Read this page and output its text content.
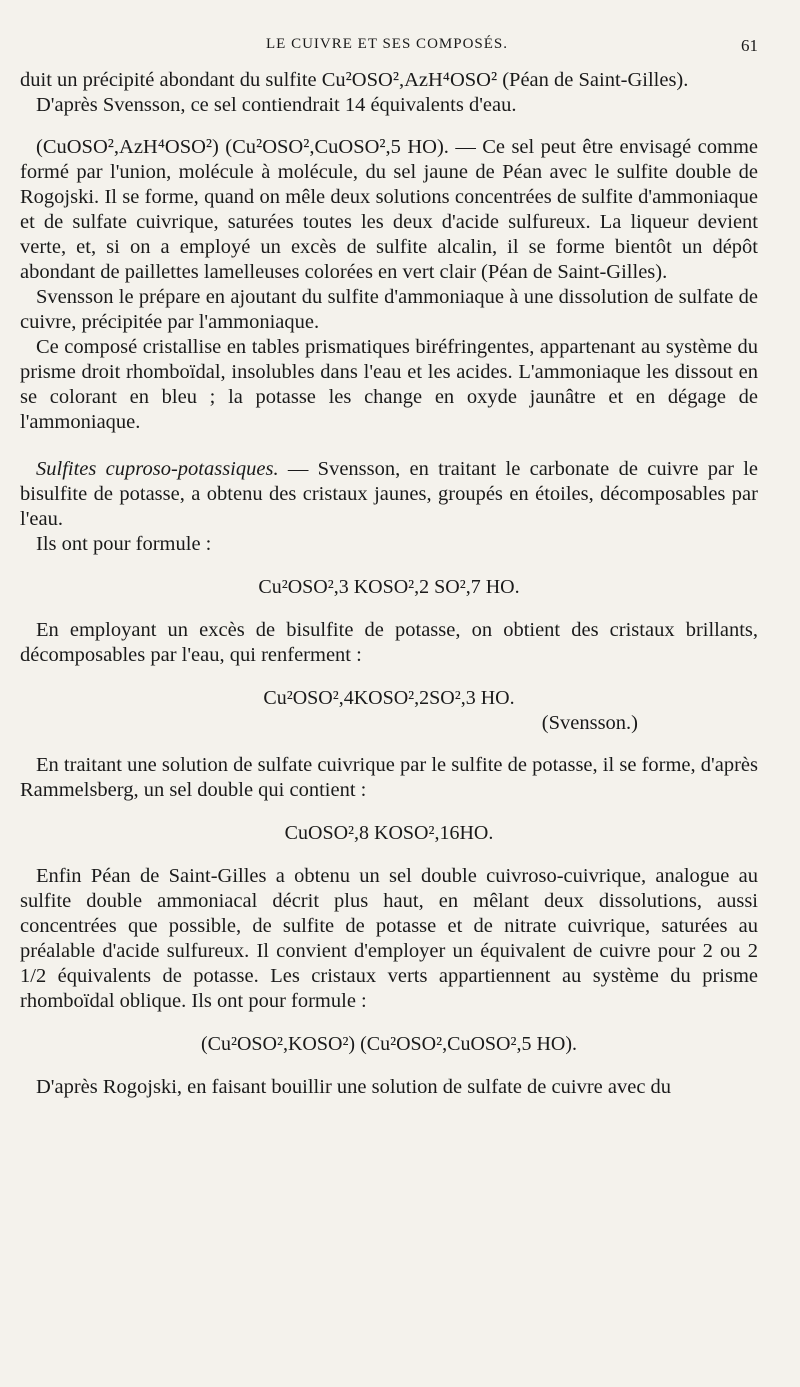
LE CUIVRE ET SES COMPOSÉS.	61

duit un précipité abondant du sulfite Cu²OSO²,AzH⁴OSO² (Péan de Saint-Gilles).

D'après Svensson, ce sel contiendrait 14 équivalents d'eau.

(CuOSO²,AzH⁴OSO²) (Cu²OSO²,CuOSO²,5 HO). — Ce sel peut être envisagé comme formé par l'union, molécule à molécule, du sel jaune de Péan avec le sulfite double de Rogojski. Il se forme, quand on mêle deux solutions concentrées de sulfite d'ammoniaque et de sulfate cuivrique, saturées toutes les deux d'acide sulfureux. La liqueur devient verte, et, si on a employé un excès de sulfite alcalin, il se forme bientôt un dépôt abondant de paillettes lamelleuses colorées en vert clair (Péan de Saint-Gilles).

Svensson le prépare en ajoutant du sulfite d'ammoniaque à une dissolution de sulfate de cuivre, précipitée par l'ammoniaque.

Ce composé cristallise en tables prismatiques biréfringentes, appartenant au système du prisme droit rhomboïdal, insolubles dans l'eau et les acides. L'ammoniaque les dissout en se colorant en bleu ; la potasse les change en oxyde jaunâtre et en dégage de l'ammoniaque.

Sulfites cuproso-potassiques. — Svensson, en traitant le carbonate de cuivre par le bisulfite de potasse, a obtenu des cristaux jaunes, groupés en étoiles, décomposables par l'eau.

Ils ont pour formule :

Cu²OSO²,3 KOSO²,2 SO²,7 HO.

En employant un excès de bisulfite de potasse, on obtient des cristaux brillants, décomposables par l'eau, qui renferment :

Cu²OSO²,4KOSO²,2SO²,3 HO.
(Svensson.)

En traitant une solution de sulfate cuivrique par le sulfite de potasse, il se forme, d'après Rammelsberg, un sel double qui contient :

CuOSO²,8 KOSO²,16HO.

Enfin Péan de Saint-Gilles a obtenu un sel double cuivroso-cuivrique, analogue au sulfite double ammoniacal décrit plus haut, en mêlant deux dissolutions, aussi concentrées que possible, de sulfite de potasse et de nitrate cuivrique, saturées au préalable d'acide sulfureux. Il convient d'employer un équivalent de cuivre pour 2 ou 2 1/2 équivalents de potasse. Les cristaux verts appartiennent au système du prisme rhomboïdal oblique. Ils ont pour formule :

(Cu²OSO²,KOSO²) (Cu²OSO²,CuOSO²,5 HO).

D'après Rogojski, en faisant bouillir une solution de sulfate de cuivre avec du
